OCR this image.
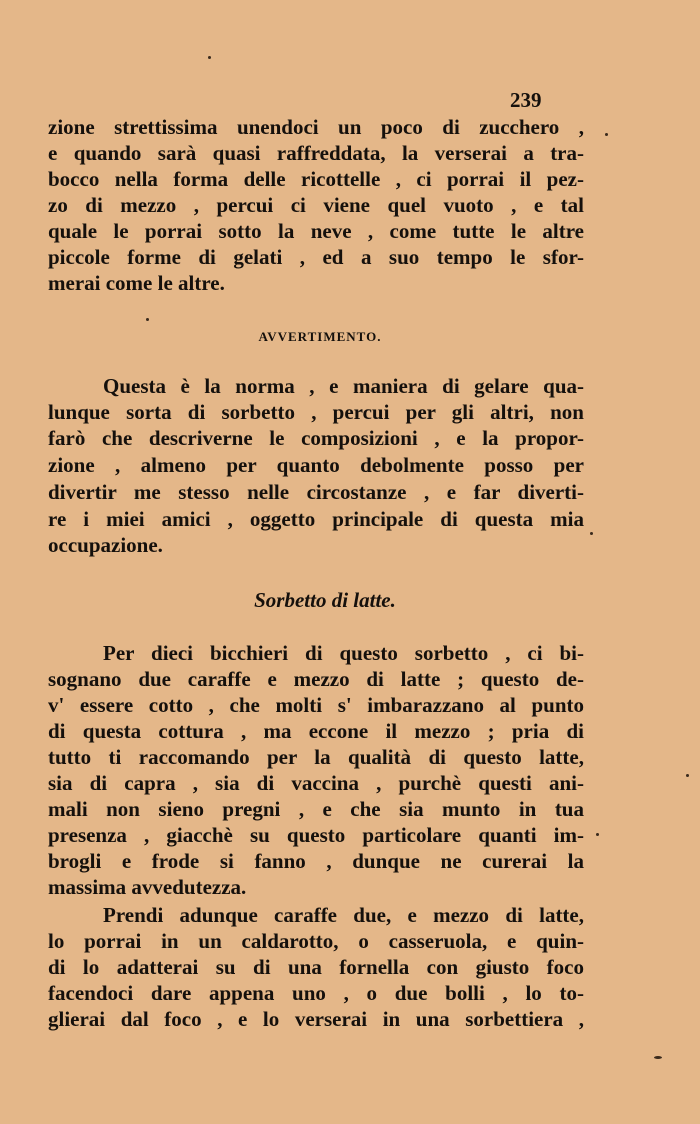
239
zione strettissima unendoci un poco di zucchero ,
e quando sarà quasi raffreddata, la verserai a tra-
bocco nella forma delle ricottelle , ci porrai il pez-
zo di mezzo , percui ci viene quel vuoto , e tal
quale le porrai sotto la neve , come tutte le altre
piccole forme di gelati , ed a suo tempo le sfor-
merai come le altre.
AVVERTIMENTO.
Questa è la norma , e maniera di gelare qua-
lunque sorta di sorbetto , percui per gli altri, non
farò che descriverne le composizioni , e la propor-
zione , almeno per quanto debolmente posso per
divertir me stesso nelle circostanze , e far diverti-
re i miei amici , oggetto principale di questa mia
occupazione.
Sorbetto di latte.
Per dieci bicchieri di questo sorbetto , ci bi-
sognano due caraffe e mezzo di latte ; questo de-
v' essere cotto , che molti s' imbarazzano al punto
di questa cottura , ma eccone il mezzo ; pria di
tutto ti raccomando per la qualità di questo latte,
sia di capra , sia di vaccina , purchè questi ani-
mali non sieno pregni , e che sia munto in tua
presenza , giacchè su questo particolare quanti im-
brogli e frode si fanno , dunque ne curerai la
massima avvedutezza.
Prendi adunque caraffe due, e mezzo di latte,
lo porrai in un caldarotto, o casseruola, e quin-
di lo adatterai su di una fornella con giusto foco
facendoci dare appena uno , o due bolli , lo to-
glierai dal foco , e lo verserai in una sorbettiera ,
